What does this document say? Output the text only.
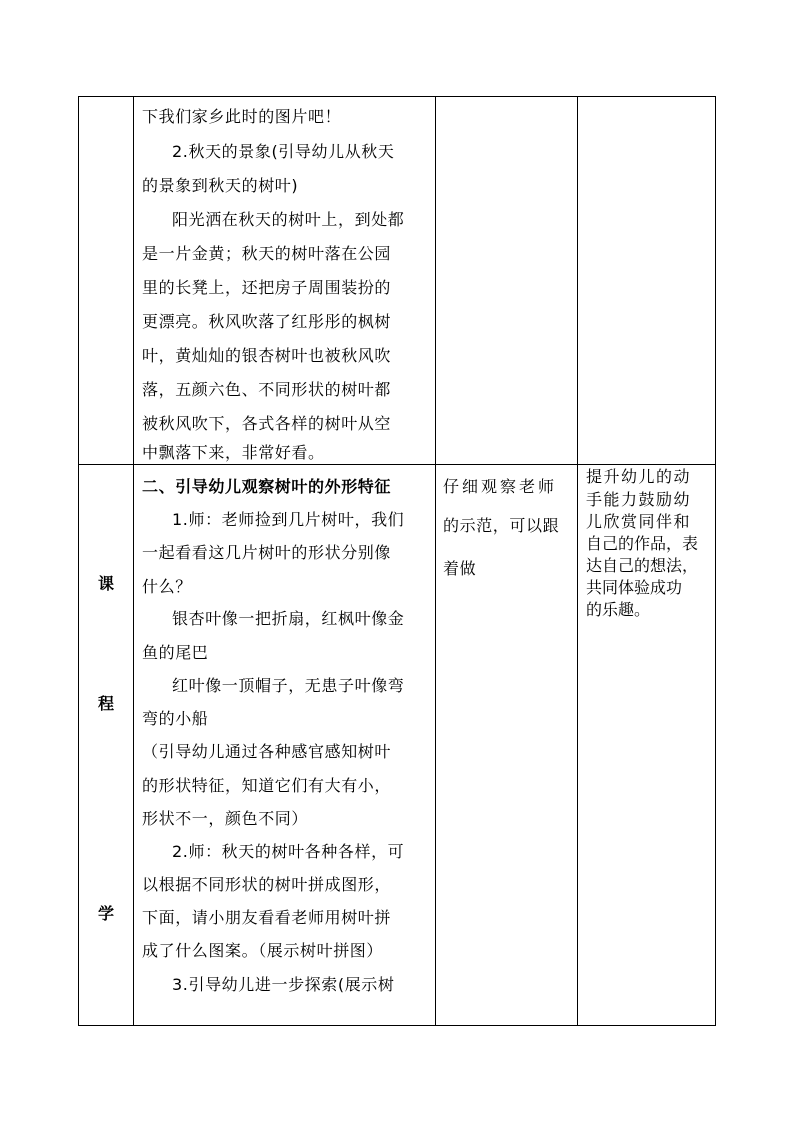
下我们家乡此时的图片吧！
2.秋天的景象(引导幼儿从秋天
的景象到秋天的树叶)
阳光洒在秋天的树叶上，到处都
是一片金黄；秋天的树叶落在公园
里的长凳上，还把房子周围装扮的
更漂亮。秋风吹落了红彤彤的枫树
叶，黄灿灿的银杏树叶也被秋风吹
落，五颜六色、不同形状的树叶都
被秋风吹下，各式各样的树叶从空
中飘落下来，非常好看。
课
程
学
二、引导幼儿观察树叶的外形特征
1.师：老师捡到几片树叶，我们
一起看看这几片树叶的形状分别像
什么？
银杏叶像一把折扇，红枫叶像金
鱼的尾巴
红叶像一顶帽子，无患子叶像弯
弯的小船
（引导幼儿通过各种感官感知树叶
的形状特征，知道它们有大有小，
形状不一，颜色不同）
2.师：秋天的树叶各种各样，可
以根据不同形状的树叶拼成图形，
下面，请小朋友看看老师用树叶拼
成了什么图案。（展示树叶拼图）
3.引导幼儿进一步探索(展示树
仔细观察老师
的示范，可以跟
着做
提升幼儿的动
手能力鼓励幼
儿欣赏同伴和
自己的作品，表
达自己的想法，
共同体验成功
的乐趣。
